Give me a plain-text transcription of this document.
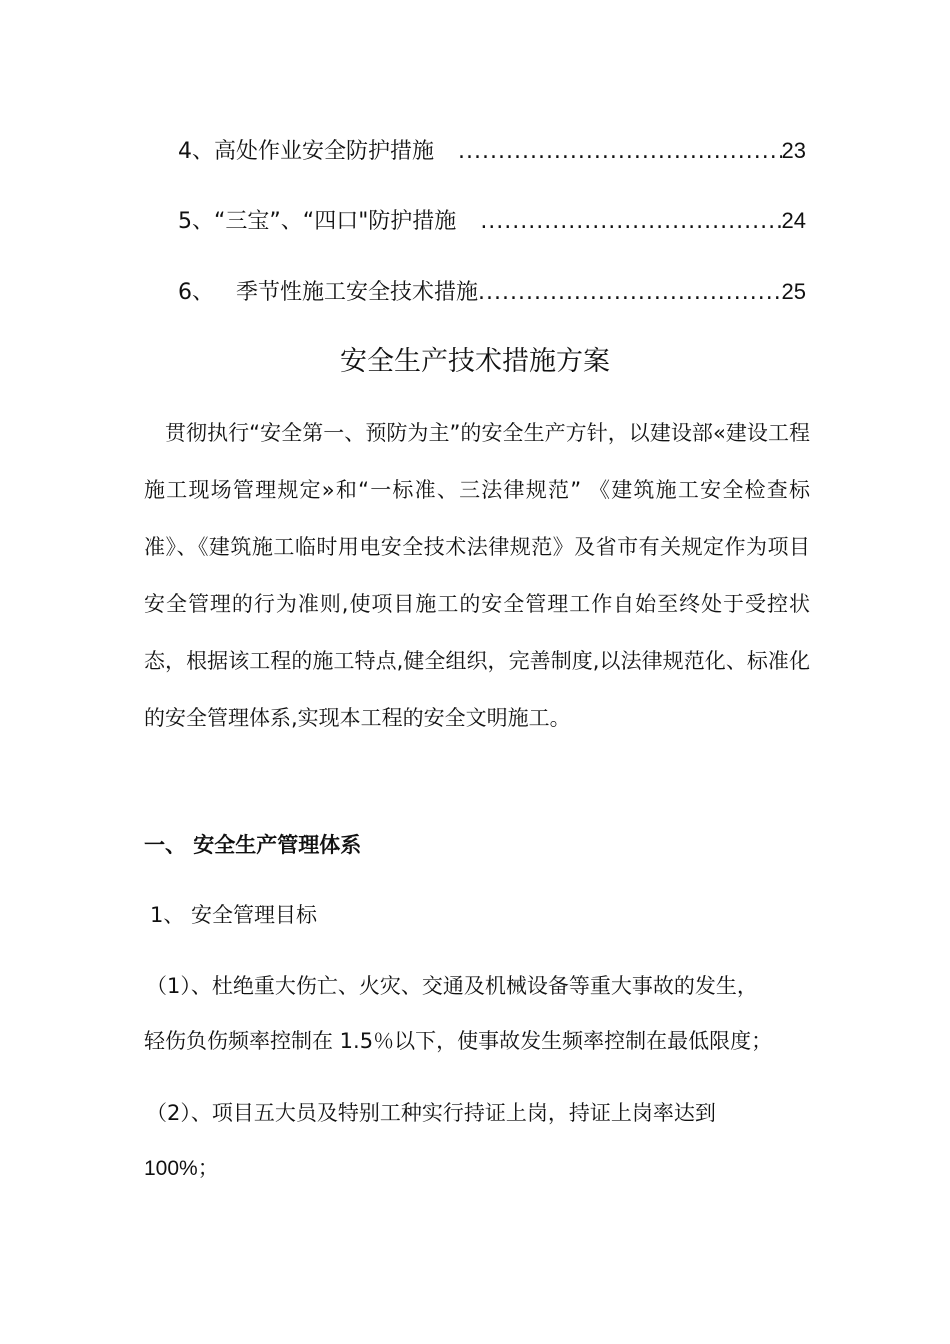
4、 高处作业安全防护措施 .....	23
5、 “三宝”、“四口"防护措施 .....	24
6、 季节性施工安全技术措施 .....	25
安全生产技术措施方案
贯彻执行“安全第一、预防为主”的安全生产方针，以建设部«建设工程施工现场管理规定»和“一标准、三法律规范” 《建筑施工安全检查标准》、《建筑施工临时用电安全技术法律规范》及省市有关规定作为项目安全管理的行为准则,使项目施工的安全管理工作自始至终处于受控状态，根据该工程的施工特点,健全组织，完善制度,以法律规范化、标准化的安全管理体系,实现本工程的安全文明施工。
一、 安全生产管理体系
1、 安全管理目标
（1）、杜绝重大伤亡、火灾、交通及机械设备等重大事故的发生，
轻伤负伤频率控制在 1.5％以下，使事故发生频率控制在最低限度；
（2）、项目五大员及特别工种实行持证上岗，持证上岗率达到
100%；
